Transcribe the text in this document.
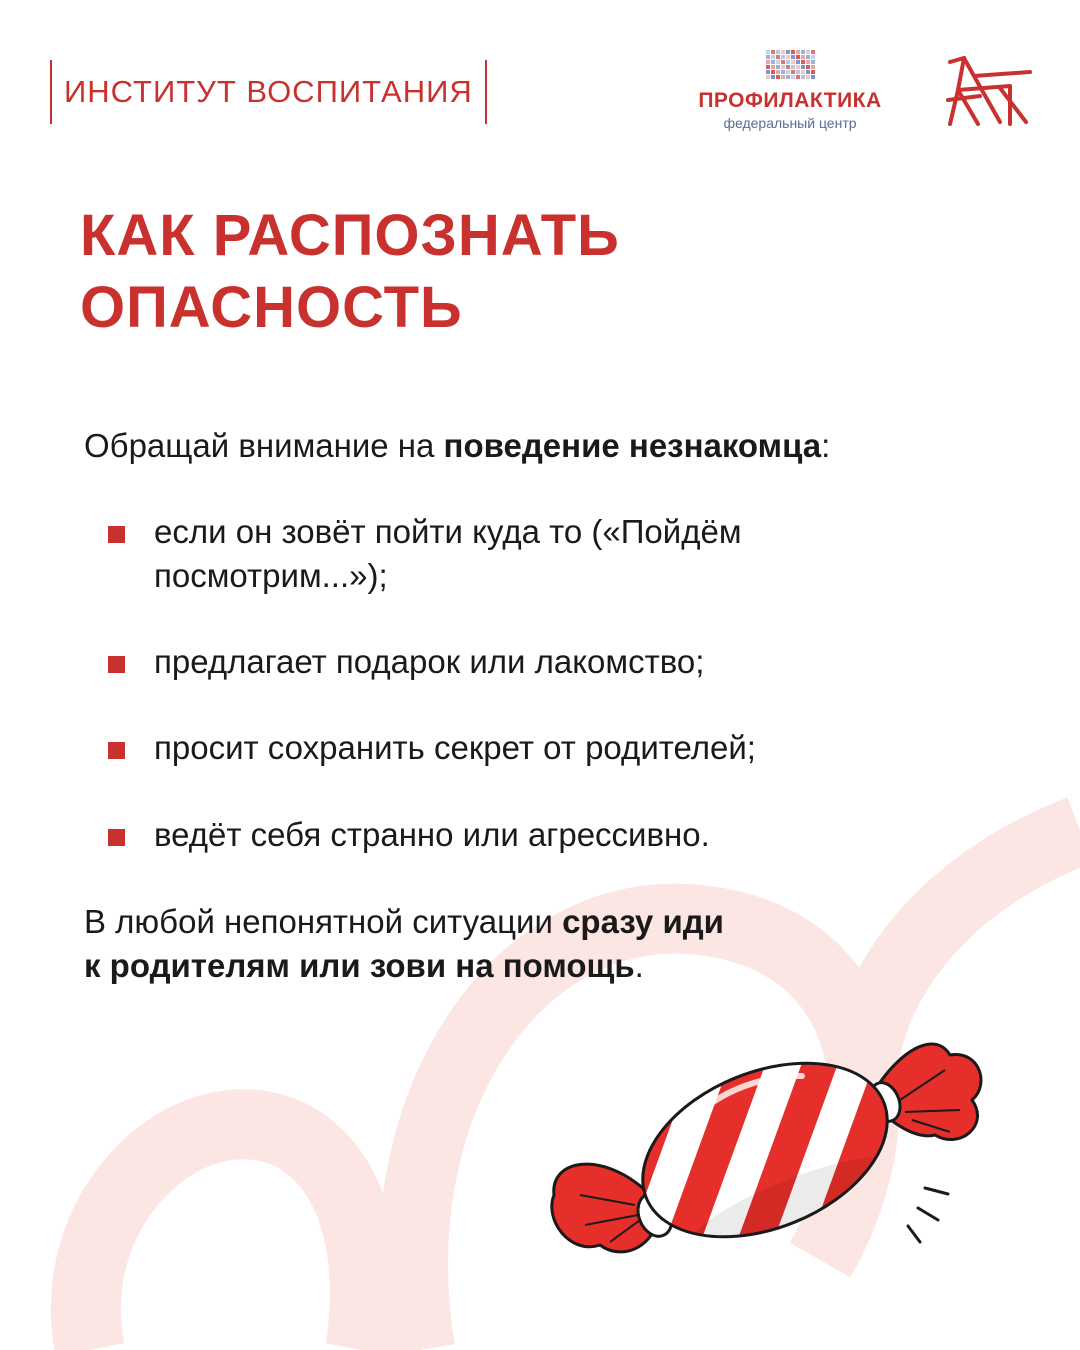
ИНСТИТУТ ВОСПИТАНИЯ	ПРОФИЛАКТИКА
федеральный центр
КАК РАСПОЗНАТЬ
ОПАСНОСТЬ
Обращай внимание на поведение незнакомца:
если он зовёт пойти куда то («Пойдём
посмотрим...»);
предлагает подарок или лакомство;
просит сохранить секрет от родителей;
ведёт себя странно или агрессивно.
В любой непонятной ситуации сразу иди
к родителям или зови на помощь.
